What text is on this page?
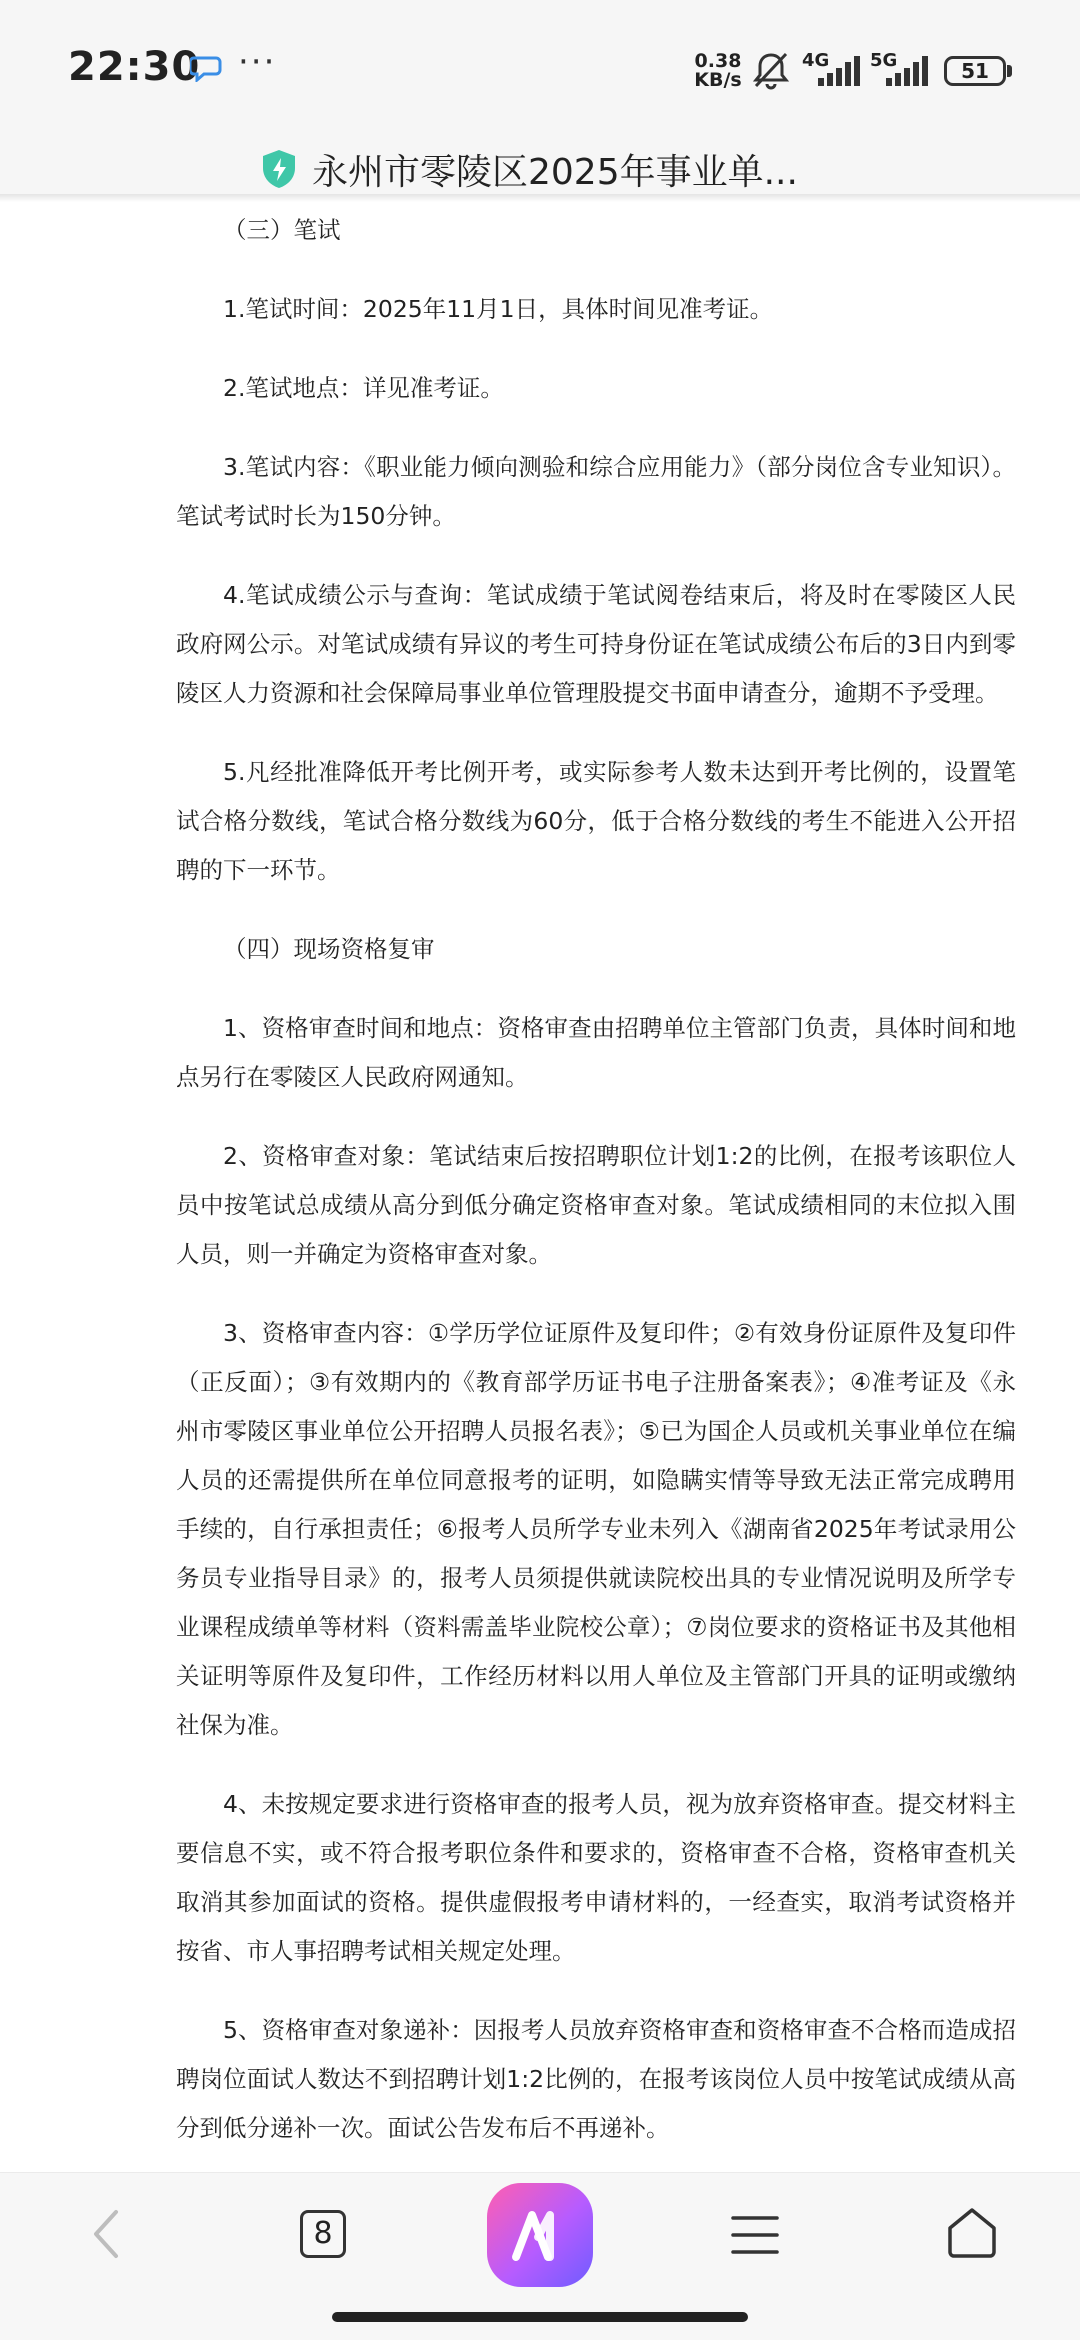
22:30 ···	0.38
KB/s
4G 5G	51
永州市零陵区2025年事业单...

（三）笔试

1.笔试时间：2025年11月1日，具体时间见准考证。

2.笔试地点：详见准考证。

3.笔试内容：《职业能力倾向测验和综合应用能力》（部分岗位含专业知识）。笔试考试时长为150分钟。

4.笔试成绩公示与查询：笔试成绩于笔试阅卷结束后，将及时在零陵区人民政府网公示。对笔试成绩有异议的考生可持身份证在笔试成绩公布后的3日内到零陵区人力资源和社会保障局事业单位管理股提交书面申请查分，逾期不予受理。

5.凡经批准降低开考比例开考，或实际参考人数未达到开考比例的，设置笔试合格分数线，笔试合格分数线为60分，低于合格分数线的考生不能进入公开招聘的下一环节。

（四）现场资格复审

1、资格审查时间和地点：资格审查由招聘单位主管部门负责，具体时间和地点另行在零陵区人民政府网通知。

2、资格审查对象：笔试结束后按招聘职位计划1:2的比例，在报考该职位人员中按笔试总成绩从高分到低分确定资格审查对象。笔试成绩相同的末位拟入围人员，则一并确定为资格审查对象。

3、资格审查内容：①学历学位证原件及复印件；②有效身份证原件及复印件（正反面）；③有效期内的《教育部学历证书电子注册备案表》；④准考证及《永州市零陵区事业单位公开招聘人员报名表》；⑤已为国企人员或机关事业单位在编人员的还需提供所在单位同意报考的证明，如隐瞒实情等导致无法正常完成聘用手续的，自行承担责任；⑥报考人员所学专业未列入《湖南省2025年考试录用公务员专业指导目录》的，报考人员须提供就读院校出具的专业情况说明及所学专业课程成绩单等材料（资料需盖毕业院校公章）；⑦岗位要求的资格证书及其他相关证明等原件及复印件，工作经历材料以用人单位及主管部门开具的证明或缴纳社保为准。

4、未按规定要求进行资格审查的报考人员，视为放弃资格审查。提交材料主要信息不实，或不符合报考职位条件和要求的，资格审查不合格，资格审查机关取消其参加面试的资格。提供虚假报考申请材料的，一经查实，取消考试资格并按省、市人事招聘考试相关规定处理。

5、资格审查对象递补：因报考人员放弃资格审查和资格审查不合格而造成招聘岗位面试人数达不到招聘计划1:2比例的，在报考该岗位人员中按笔试成绩从高分到低分递补一次。面试公告发布后不再递补。

8
